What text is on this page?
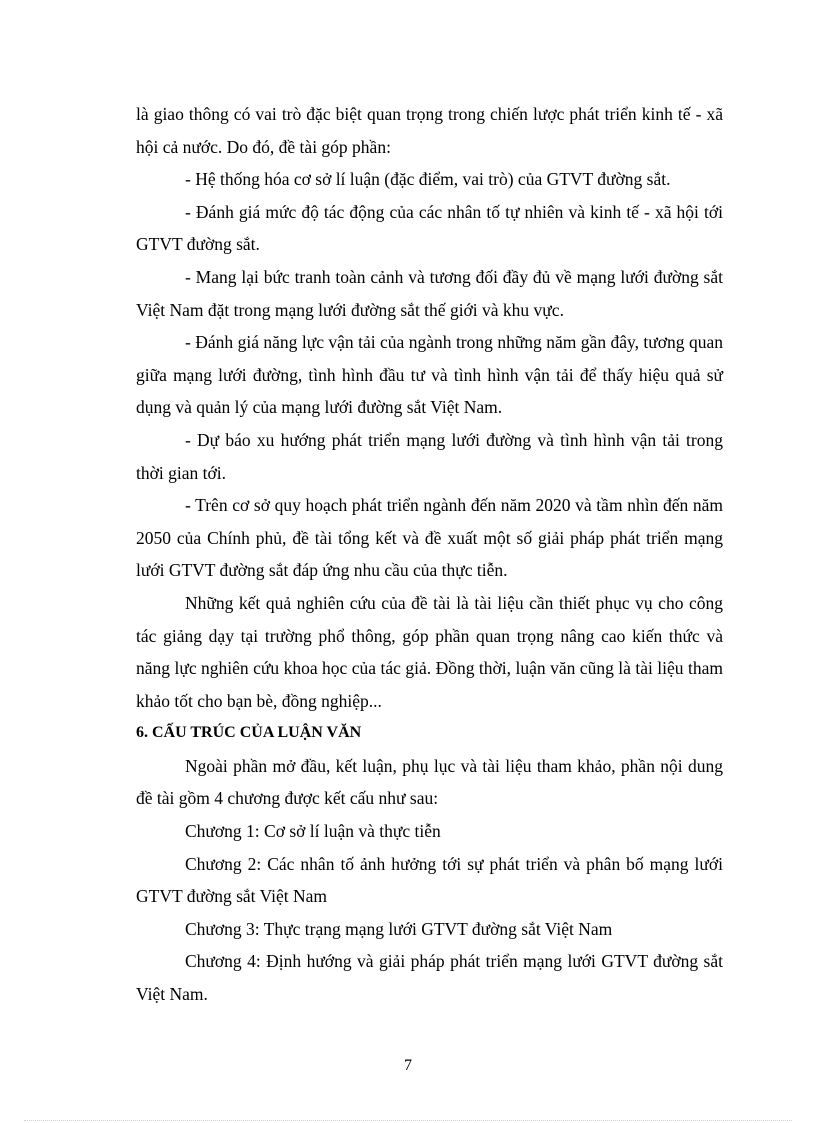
là giao thông có vai trò đặc biệt quan trọng trong chiến lược phát triển kinh tế - xã hội cả nước. Do đó, đề tài góp phần:

- Hệ thống hóa cơ sở lí luận (đặc điểm, vai trò) của GTVT đường sắt.

- Đánh giá mức độ tác động của các nhân tố tự nhiên và kinh tế - xã hội tới GTVT đường sắt.

- Mang lại bức tranh toàn cảnh và tương đối đầy đủ về mạng lưới đường sắt Việt Nam đặt trong mạng lưới đường sắt thế giới và khu vực.

- Đánh giá năng lực vận tải của ngành trong những năm gần đây, tương quan giữa mạng lưới đường, tình hình đầu tư và tình hình vận tải để thấy hiệu quả sử dụng và quản lý của mạng lưới đường sắt Việt Nam.

- Dự báo xu hướng phát triển mạng lưới đường và tình hình vận tải trong thời gian tới.

- Trên cơ sở quy hoạch phát triển ngành đến năm 2020 và tầm nhìn đến năm 2050 của Chính phủ, đề tài tổng kết và đề xuất một số giải pháp phát triển mạng lưới GTVT đường sắt đáp ứng nhu cầu của thực tiễn.

Những kết quả nghiên cứu của đề tài là tài liệu cần thiết phục vụ cho công tác giảng dạy tại trường phổ thông, góp phần quan trọng nâng cao kiến thức và năng lực nghiên cứu khoa học của tác giả. Đồng thời, luận văn cũng là tài liệu tham khảo tốt cho bạn bè, đồng nghiệp...

6. CẤU TRÚC CỦA LUẬN VĂN

Ngoài phần mở đầu, kết luận, phụ lục và tài liệu tham khảo, phần nội dung đề tài gồm 4 chương được kết cấu như sau:

Chương 1: Cơ sở lí luận và thực tiễn

Chương 2: Các nhân tố ảnh hưởng tới sự phát triển và phân bố mạng lưới GTVT đường sắt Việt Nam

Chương 3: Thực trạng mạng lưới GTVT đường sắt Việt Nam

Chương 4: Định hướng và giải pháp phát triển mạng lưới GTVT đường sắt Việt Nam.

7
